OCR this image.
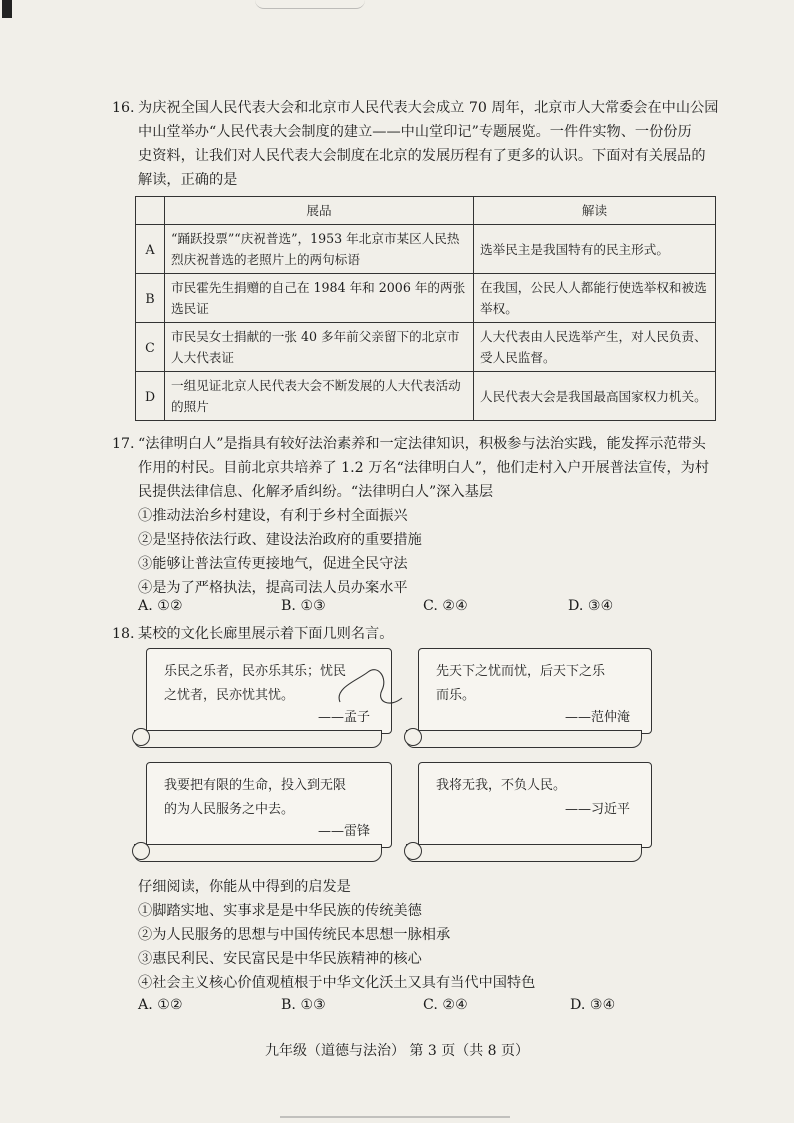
16. 为庆祝全国人民代表大会和北京市人民代表大会成立 70 周年，北京市人大常委会在中山公园
中山堂举办“人民代表大会制度的建立——中山堂印记”专题展览。一件件实物、一份份历
史资料，让我们对人民代表大会制度在北京的发展历程有了更多的认识。下面对有关展品的
解读，正确的是
	展品	解读
A	“踊跃投票”“庆祝普选”，1953 年北京市某区人民热烈庆祝普选的老照片上的两句标语	选举民主是我国特有的民主形式。
B	市民霍先生捐赠的自己在 1984 年和 2006 年的两张选民证	在我国，公民人人都能行使选举权和被选举权。
C	市民吴女士捐献的一张 40 多年前父亲留下的北京市人大代表证	人大代表由人民选举产生，对人民负责、受人民监督。
D	一组见证北京人民代表大会不断发展的人大代表活动的照片	人民代表大会是我国最高国家权力机关。
17. “法律明白人”是指具有较好法治素养和一定法律知识，积极参与法治实践，能发挥示范带头
作用的村民。目前北京共培养了 1.2 万名“法律明白人”，他们走村入户开展普法宣传，为村
民提供法律信息、化解矛盾纠纷。“法律明白人”深入基层
①推动法治乡村建设，有利于乡村全面振兴
②是坚持依法行政、建设法治政府的重要措施
③能够让普法宣传更接地气，促进全民守法
④是为了严格执法，提高司法人员办案水平
A. ①②	B. ①③	C. ②④	D. ③④
18. 某校的文化长廊里展示着下面几则名言。
乐民之乐者，民亦乐其乐；忧民
之忧者，民亦忧其忧。
——孟子
先天下之忧而忧，后天下之乐
而乐。
——范仲淹
我要把有限的生命，投入到无限
的为人民服务之中去。
——雷锋
我将无我，不负人民。
——习近平
仔细阅读，你能从中得到的启发是
①脚踏实地、实事求是是中华民族的传统美德
②为人民服务的思想与中国传统民本思想一脉相承
③惠民利民、安民富民是中华民族精神的核心
④社会主义核心价值观植根于中华文化沃土又具有当代中国特色
A. ①②	B. ①③	C. ②④	D. ③④
九年级（道德与法治） 第 3 页（共 8 页）
